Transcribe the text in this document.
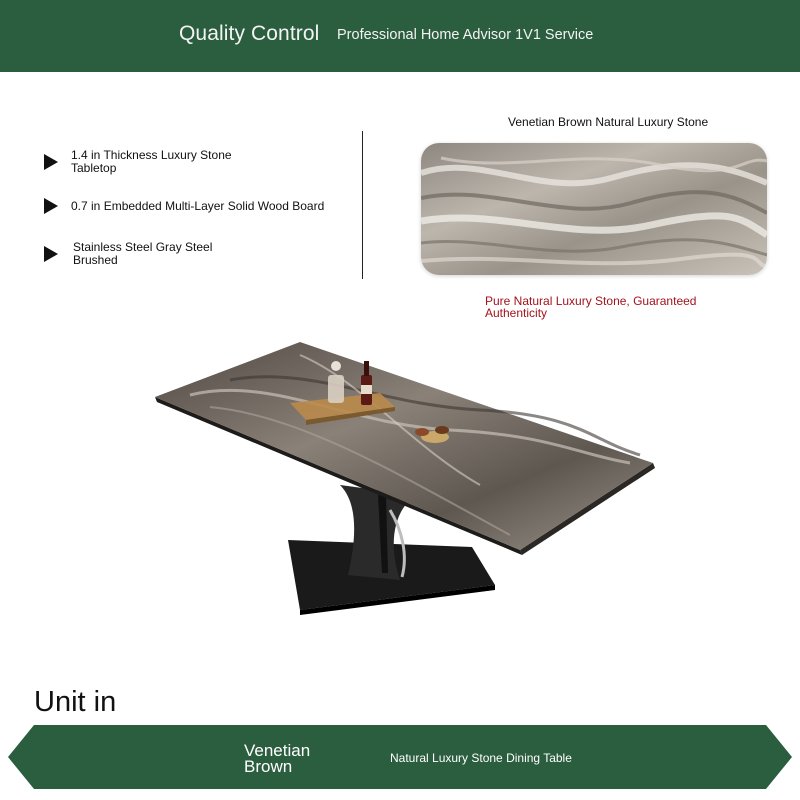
Quality Control Professional Home Advisor 1V1 Service
1.4 in Thickness Luxury Stone Tabletop
0.7 in Embedded Multi-Layer Solid Wood Board
Stainless Steel Gray Steel Brushed
Venetian Brown Natural Luxury Stone
Pure Natural Luxury Stone, Guaranteed Authenticity
Unit in
Venetian Brown	Natural Luxury Stone Dining Table
